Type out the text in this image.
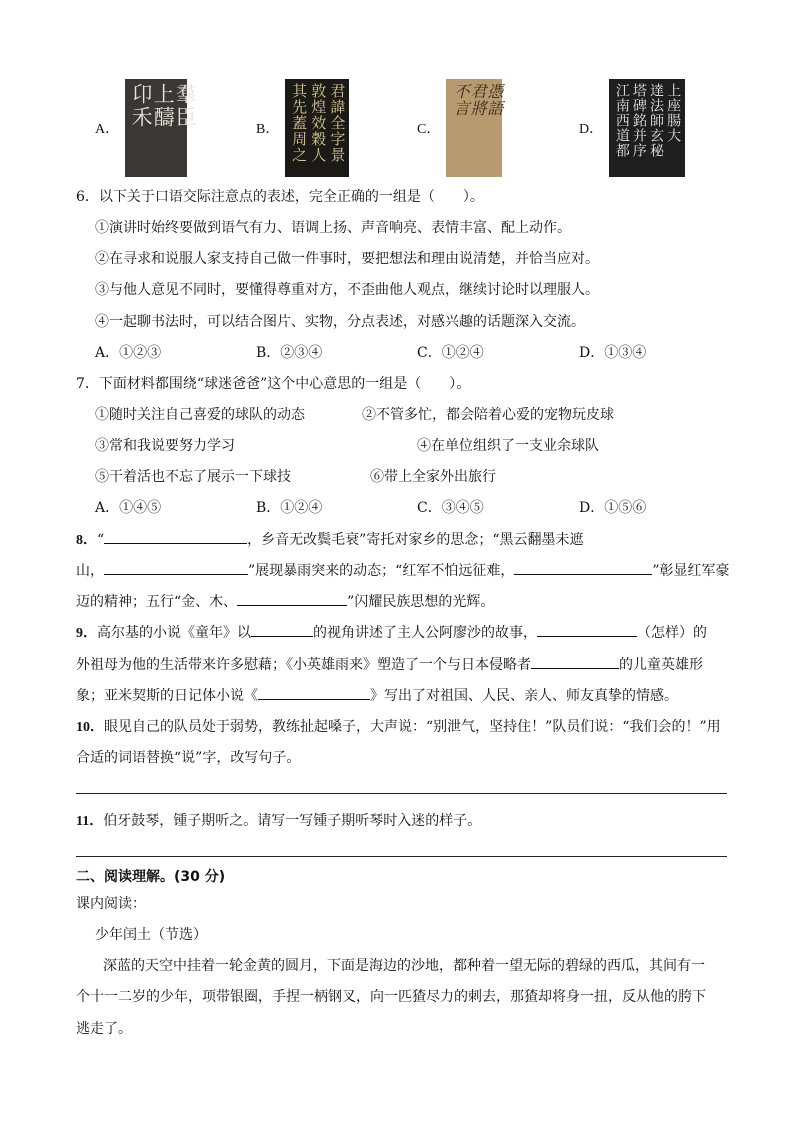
A．
卬禾
上醻
羣臣
B． 其先蓋周之 敦煌效穀人 君諱全字景	C．
不言
君將
憑語
D． 江南西道都 塔碑銘并序 達法師玄秘 上座腸大
6．以下关于口语交际注意点的表述，完全正确的一组是（　　）。
①演讲时始终要做到语气有力、语调上扬、声音响亮、表情丰富、配上动作。
②在寻求和说服人家支持自己做一件事时，要把想法和理由说清楚，并恰当应对。
③与他人意见不同时，要懂得尊重对方，不歪曲他人观点，继续讨论时以理服人。
④一起聊书法时，可以结合图片、实物，分点表述，对感兴趣的话题深入交流。
A．①②③	B．②③④	C．①②④	D．①③④
7．下面材料都围绕“球迷爸爸”这个中心意思的一组是（　　）。
①随时关注自己喜爱的球队的动态	②不管多忙，都会陪着心爱的宠物玩皮球
③常和我说要努力学习	④在单位组织了一支业余球队
⑤干着活也不忘了展示一下球技	⑥带上全家外出旅行
A．①④⑤	B．①②④	C．③④⑤	D．①⑤⑥
8．“	，乡音无改鬓毛衰”寄托对家乡的思念；“黑云翻墨未遮
山，	”展现暴雨突来的动态；“红军不怕远征难，	”彰显红军豪
迈的精神；五行“金、木、	”闪耀民族思想的光辉。
9．高尔基的小说《童年》以	的视角讲述了主人公阿廖沙的故事，	（怎样）的
外祖母为他的生活带来许多慰藉；《小英雄雨来》塑造了一个与日本侵略者	的儿童英雄形
象；亚米契斯的日记体小说《	》写出了对祖国、人民、亲人、师友真挚的情感。
10．眼见自己的队员处于弱势，教练扯起嗓子，大声说：“别泄气，坚持住！”队员们说：“我们会的！”用
合适的词语替换“说”字，改写句子。
11．伯牙鼓琴，锺子期听之。请写一写锺子期听琴时入迷的样子。
二、阅读理解。(30 分)
课内阅读：
少年闰土（节选）
深蓝的天空中挂着一轮金黄的圆月，下面是海边的沙地，都种着一望无际的碧绿的西瓜，其间有一
个十一二岁的少年，项带银圈，手捏一柄钢叉，向一匹猹尽力的刺去，那猹却将身一扭，反从他的胯下
逃走了。
